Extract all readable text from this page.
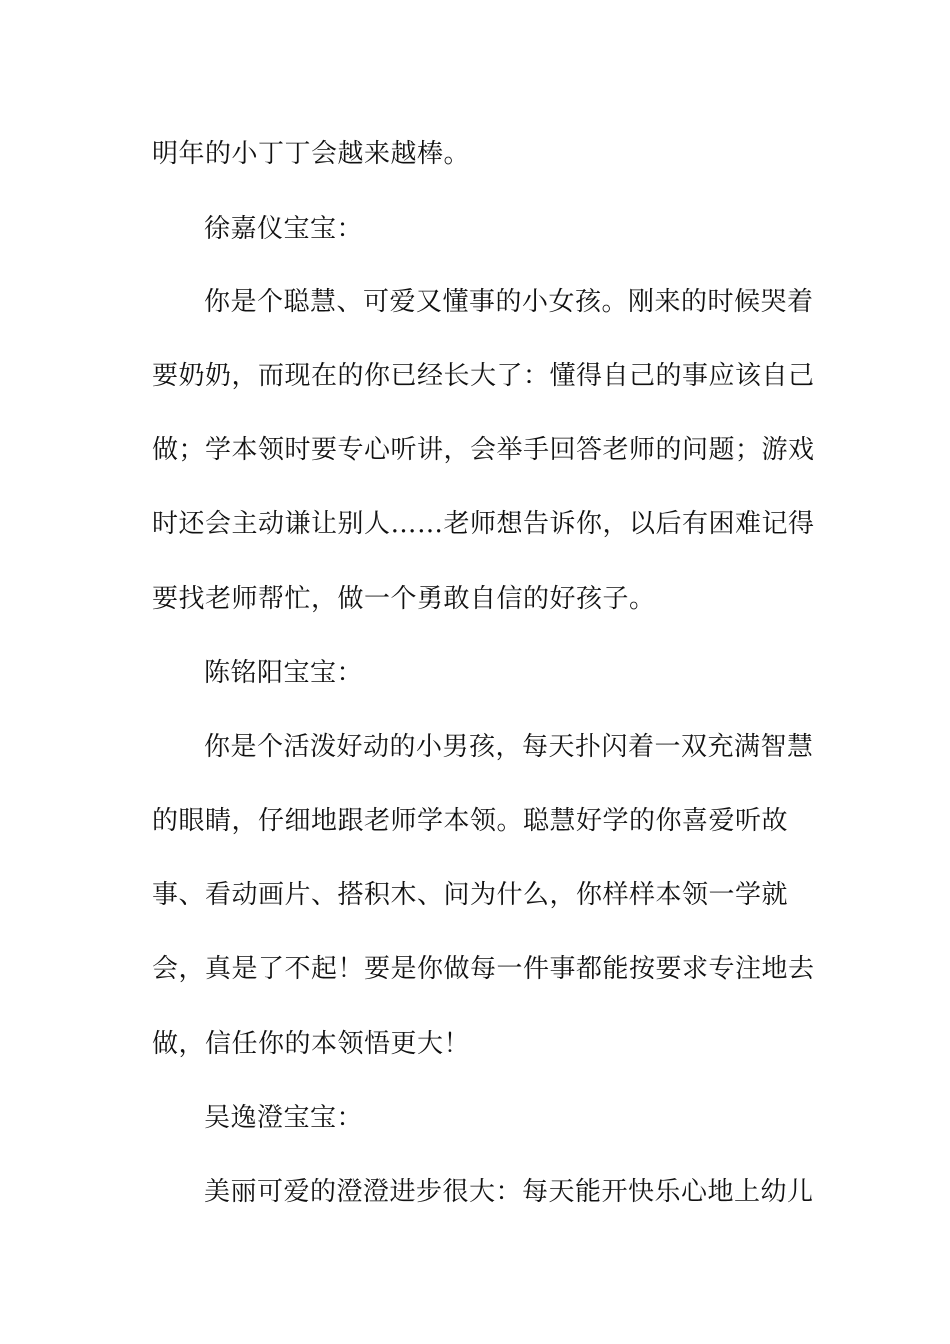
明年的小丁丁会越来越棒。
徐嘉仪宝宝：
你是个聪慧、可爱又懂事的小女孩。刚来的时候哭着
要奶奶，而现在的你已经长大了：懂得自己的事应该自己
做；学本领时要专心听讲，会举手回答老师的问题；游戏
时还会主动谦让别人……老师想告诉你，以后有困难记得
要找老师帮忙，做一个勇敢自信的好孩子。
陈铭阳宝宝：
你是个活泼好动的小男孩，每天扑闪着一双充满智慧
的眼睛，仔细地跟老师学本领。聪慧好学的你喜爱听故
事、看动画片、搭积木、问为什么，你样样本领一学就
会，真是了不起！要是你做每一件事都能按要求专注地去
做，信任你的本领悟更大！
吴逸澄宝宝：
美丽可爱的澄澄进步很大：每天能开快乐心地上幼儿
